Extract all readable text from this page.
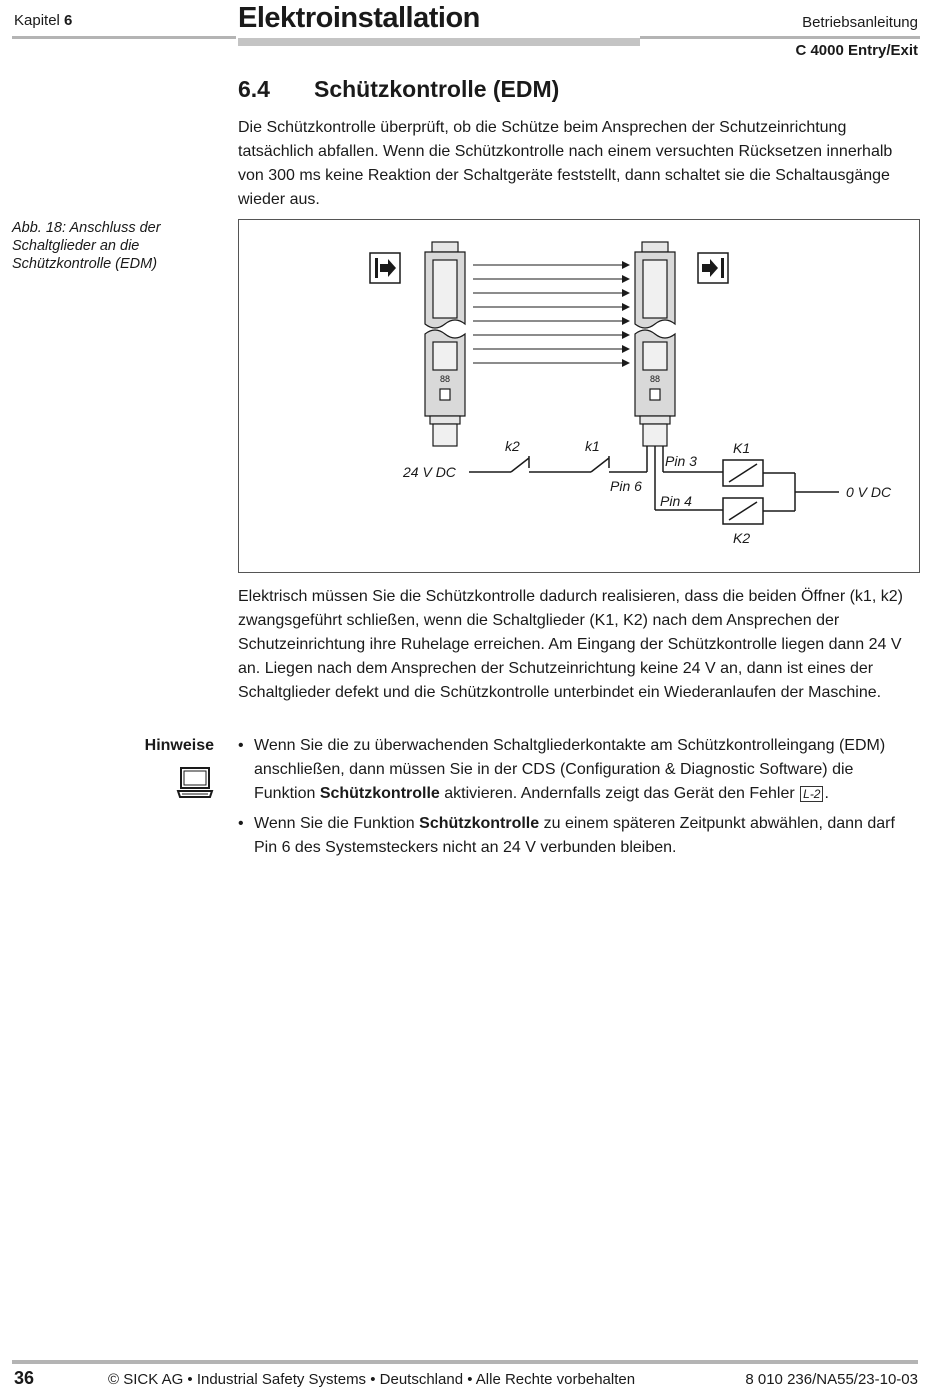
Kapitel 6	Elektroinstallation	Betriebsanleitung
C 4000 Entry/Exit
6.4 Schützkontrolle (EDM)
Die Schützkontrolle überprüft, ob die Schütze beim Ansprechen der Schutzeinrichtung tatsächlich abfallen. Wenn die Schützkontrolle nach einem versuchten Rücksetzen innerhalb von 300 ms keine Reaktion der Schaltgeräte feststellt, dann schaltet sie die Schaltausgänge wieder aus.
Abb. 18: Anschluss der Schaltglieder an die Schützkontrolle (EDM)
88	88
24 V DC
k2	k1
Pin 6
Pin 3
Pin 4
K1
K2
0 V DC
Elektrisch müssen Sie die Schützkontrolle dadurch realisieren, dass die beiden Öffner (k1, k2) zwangsgeführt schließen, wenn die Schaltglieder (K1, K2) nach dem Ansprechen der Schutzeinrichtung ihre Ruhelage erreichen. Am Eingang der Schützkontrolle liegen dann 24 V an. Liegen nach dem Ansprechen der Schutzeinrichtung keine 24 V an, dann ist eines der Schaltglieder defekt und die Schützkontrolle unterbindet ein Wiederanlaufen der Maschine.
Hinweise
•	Wenn Sie die zu überwachenden Schaltgliederkontakte am Schützkontrolleingang (EDM) anschließen, dann müssen Sie in der CDS (Configuration & Diagnostic Software) die Funktion Schützkontrolle aktivieren. Andernfalls zeigt das Gerät den Fehler L-2 .
• Wenn Sie die Funktion Schützkontrolle zu einem späteren Zeitpunkt abwählen, dann darf Pin 6 des Systemsteckers nicht an 24 V verbunden bleiben.
36	© SICK AG • Industrial Safety Systems • Deutschland • Alle Rechte vorbehalten	8 010 236/NA55/23-10-03
